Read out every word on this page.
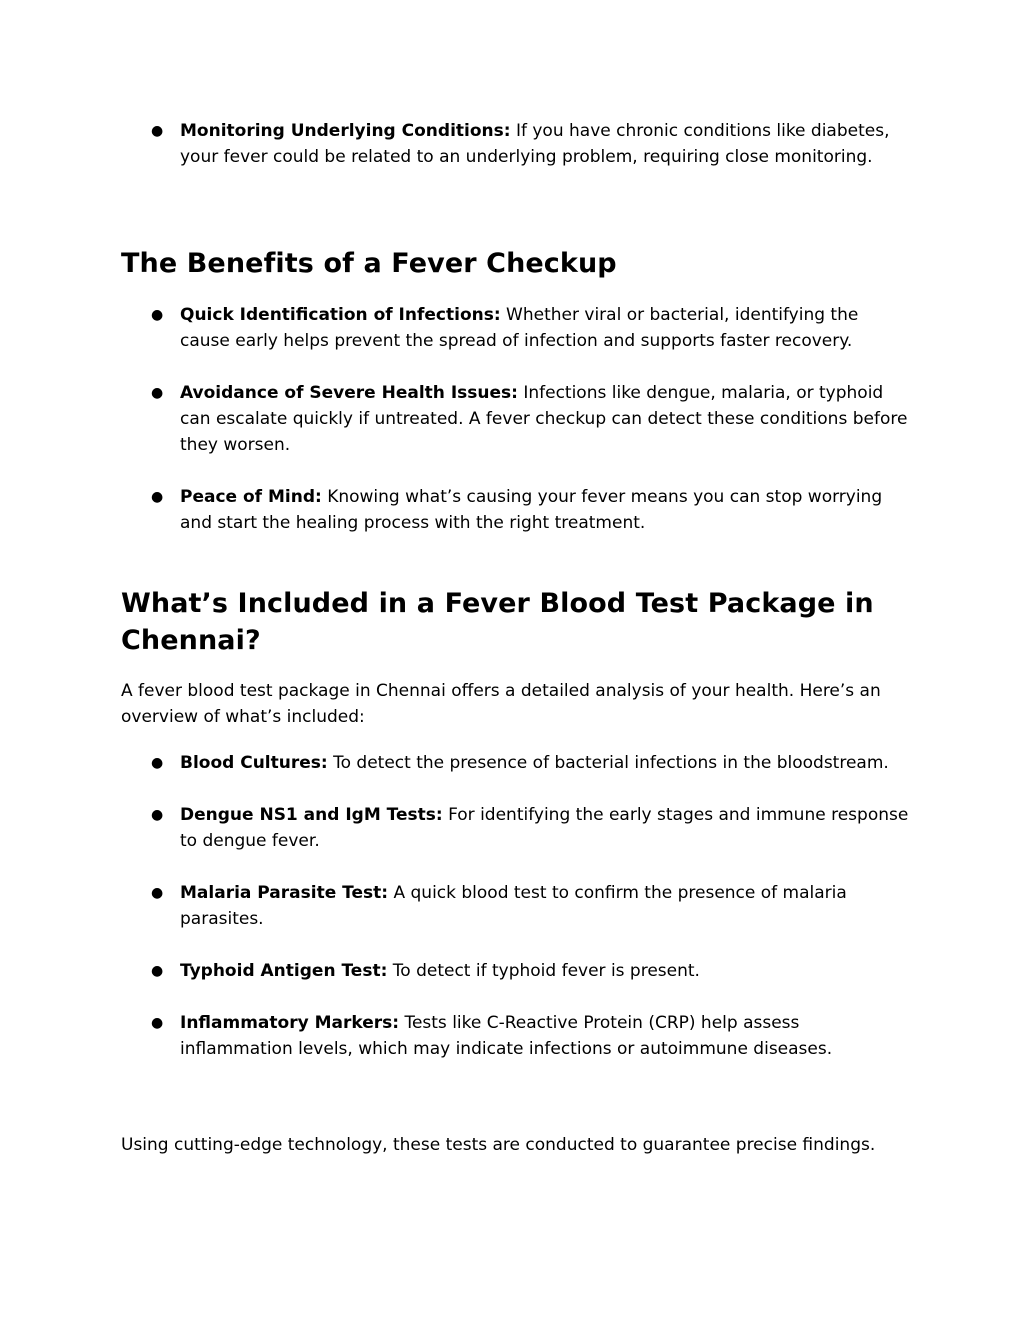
● Monitoring Underlying Conditions: If you have chronic conditions like diabetes, your fever could be related to an underlying problem, requiring close monitoring.
The Benefits of a Fever Checkup
● Quick Identification of Infections: Whether viral or bacterial, identifying the cause early helps prevent the spread of infection and supports faster recovery.
● Avoidance of Severe Health Issues: Infections like dengue, malaria, or typhoid can escalate quickly if untreated. A fever checkup can detect these conditions before they worsen.
● Peace of Mind: Knowing what’s causing your fever means you can stop worrying and start the healing process with the right treatment.
What’s Included in a Fever Blood Test Package in Chennai?

A fever blood test package in Chennai offers a detailed analysis of your health. Here’s an overview of what’s included:

● Blood Cultures: To detect the presence of bacterial infections in the bloodstream.
● Dengue NS1 and IgM Tests: For identifying the early stages and immune response to dengue fever.
● Malaria Parasite Test: A quick blood test to confirm the presence of malaria parasites.
● Typhoid Antigen Test: To detect if typhoid fever is present.
● Inflammatory Markers: Tests like C-Reactive Protein (CRP) help assess inflammation levels, which may indicate infections or autoimmune diseases.

Using cutting-edge technology, these tests are conducted to guarantee precise findings.
